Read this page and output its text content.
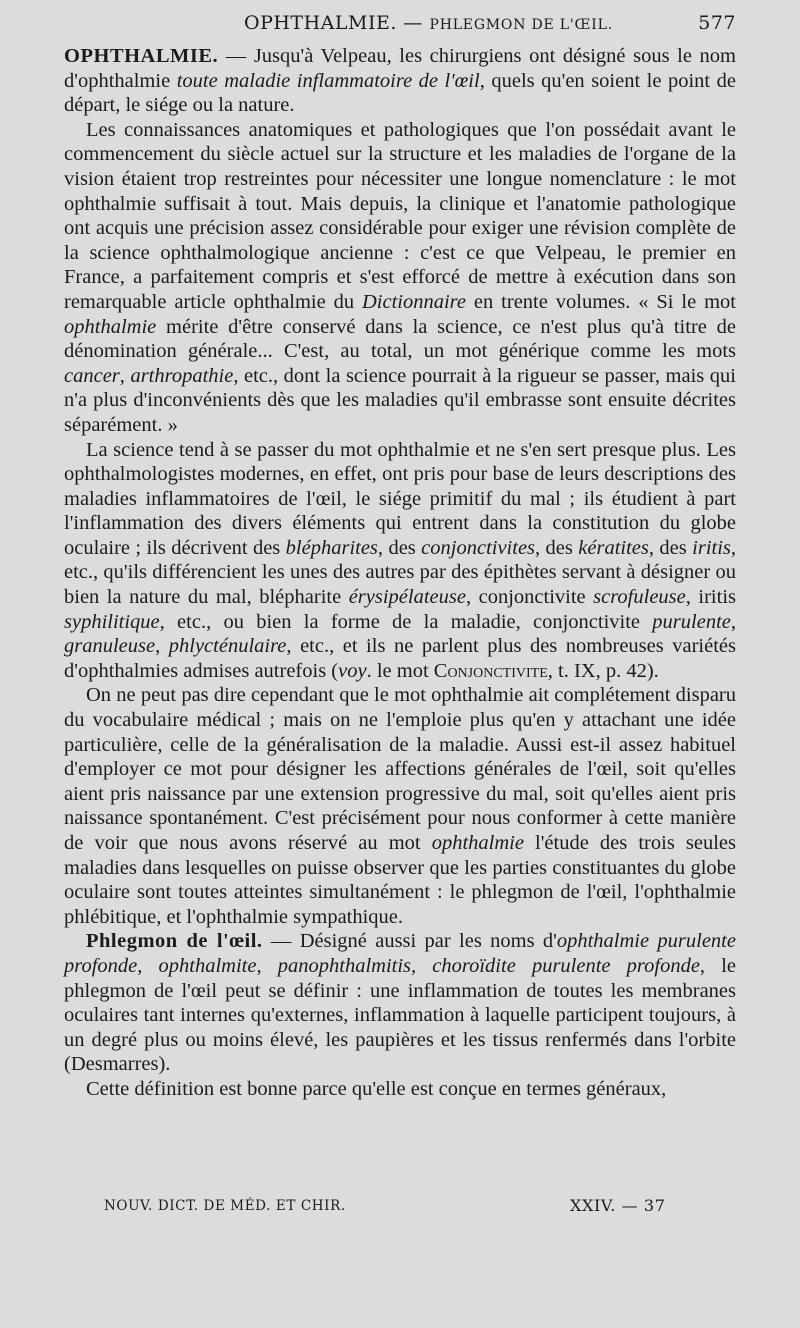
OPHTHALMIE. — PHLEGMON DE L'ŒIL.	577

OPHTHALMIE. — Jusqu'à Velpeau, les chirurgiens ont désigné sous le nom d'ophthalmie toute maladie inflammatoire de l'œil, quels qu'en soient le point de départ, le siége ou la nature.

Les connaissances anatomiques et pathologiques que l'on possédait avant le commencement du siècle actuel sur la structure et les maladies de l'organe de la vision étaient trop restreintes pour nécessiter une longue nomenclature : le mot ophthalmie suffisait à tout. Mais depuis, la clinique et l'anatomie pathologique ont acquis une précision assez considérable pour exiger une révision complète de la science ophthalmologique ancienne : c'est ce que Velpeau, le premier en France, a parfaitement compris et s'est efforcé de mettre à exécution dans son remarquable article ophthalmie du Dictionnaire en trente volumes. « Si le mot ophthalmie mérite d'être conservé dans la science, ce n'est plus qu'à titre de dénomination générale... C'est, au total, un mot générique comme les mots cancer, arthropathie, etc., dont la science pourrait à la rigueur se passer, mais qui n'a plus d'inconvénients dès que les maladies qu'il embrasse sont ensuite décrites séparément. »

La science tend à se passer du mot ophthalmie et ne s'en sert presque plus. Les ophthalmologistes modernes, en effet, ont pris pour base de leurs descriptions des maladies inflammatoires de l'œil, le siége primitif du mal ; ils étudient à part l'inflammation des divers éléments qui entrent dans la constitution du globe oculaire ; ils décrivent des blépharites, des conjonctivites, des kératites, des iritis, etc., qu'ils différencient les unes des autres par des épithètes servant à désigner ou bien la nature du mal, blépharite érysipélateuse, conjonctivite scrofuleuse, iritis syphilitique, etc., ou bien la forme de la maladie, conjonctivite purulente, granuleuse, phlycténulaire, etc., et ils ne parlent plus des nombreuses variétés d'ophthalmies admises autrefois (voy. le mot Conjonctivite, t. IX, p. 42).

On ne peut pas dire cependant que le mot ophthalmie ait complétement disparu du vocabulaire médical ; mais on ne l'emploie plus qu'en y attachant une idée particulière, celle de la généralisation de la maladie. Aussi est-il assez habituel d'employer ce mot pour désigner les affections générales de l'œil, soit qu'elles aient pris naissance par une extension progressive du mal, soit qu'elles aient pris naissance spontanément. C'est précisément pour nous conformer à cette manière de voir que nous avons réservé au mot ophthalmie l'étude des trois seules maladies dans lesquelles on puisse observer que les parties constituantes du globe oculaire sont toutes atteintes simultanément : le phlegmon de l'œil, l'ophthalmie phlébitique, et l'ophthalmie sympathique.

Phlegmon de l'œil. — Désigné aussi par les noms d'ophthalmie purulente profonde, ophthalmite, panophthalmitis, choroïdite purulente profonde, le phlegmon de l'œil peut se définir : une inflammation de toutes les membranes oculaires tant internes qu'externes, inflammation à laquelle participent toujours, à un degré plus ou moins élevé, les paupières et les tissus renfermés dans l'orbite (Desmarres).

Cette définition est bonne parce qu'elle est conçue en termes généraux,

NOUV. DICT. DE MÉD. ET CHIR.	XXIV. — 37
